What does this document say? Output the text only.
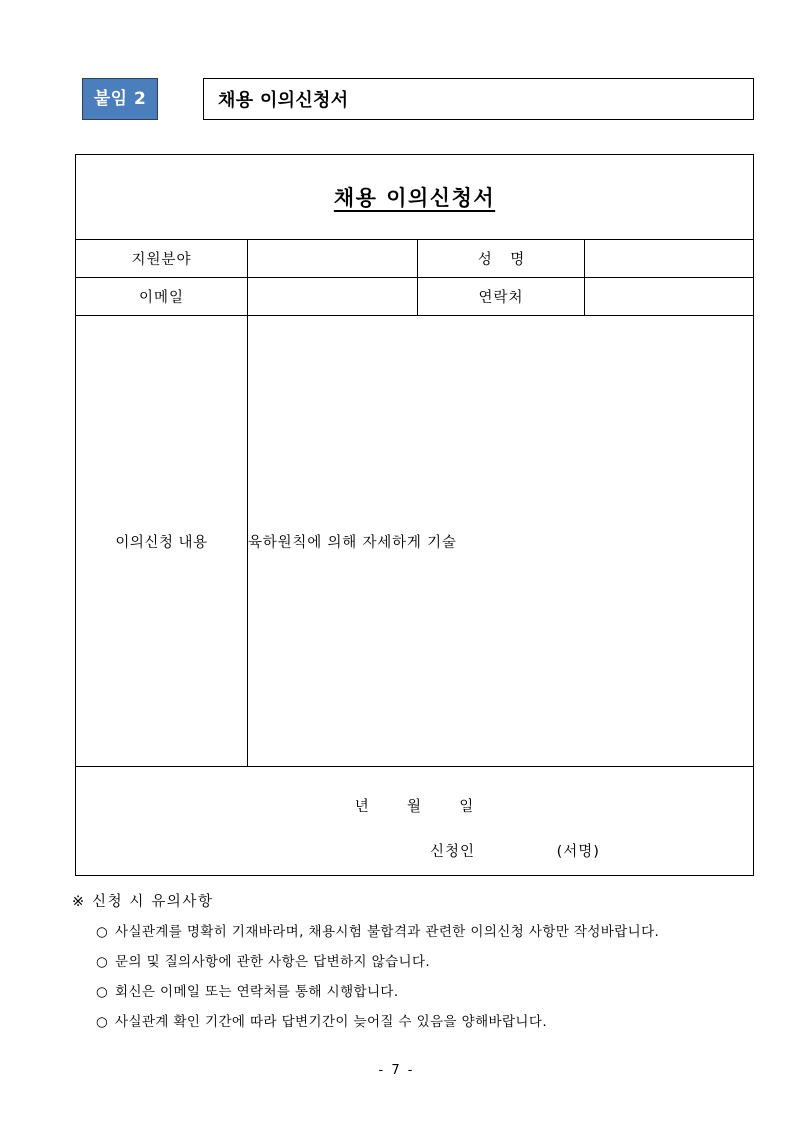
붙임 2	채용 이의신청서
채용 이의신청서			
지원분야		성 명	
이메일		연락처	
이의신청 내용	육하원칙에 의해 자세하게 기술		

년 월 일
신청인 (서명)			
※ 신청 시 유의사항
○ 사실관계를 명확히 기재바라며, 채용시험 불합격과 관련한 이의신청 사항만 작성바랍니다.
○ 문의 및 질의사항에 관한 사항은 답변하지 않습니다.
○ 회신은 이메일 또는 연락처를 통해 시행합니다.
○ 사실관계 확인 기간에 따라 답변기간이 늦어질 수 있음을 양해바랍니다.
- 7 -
